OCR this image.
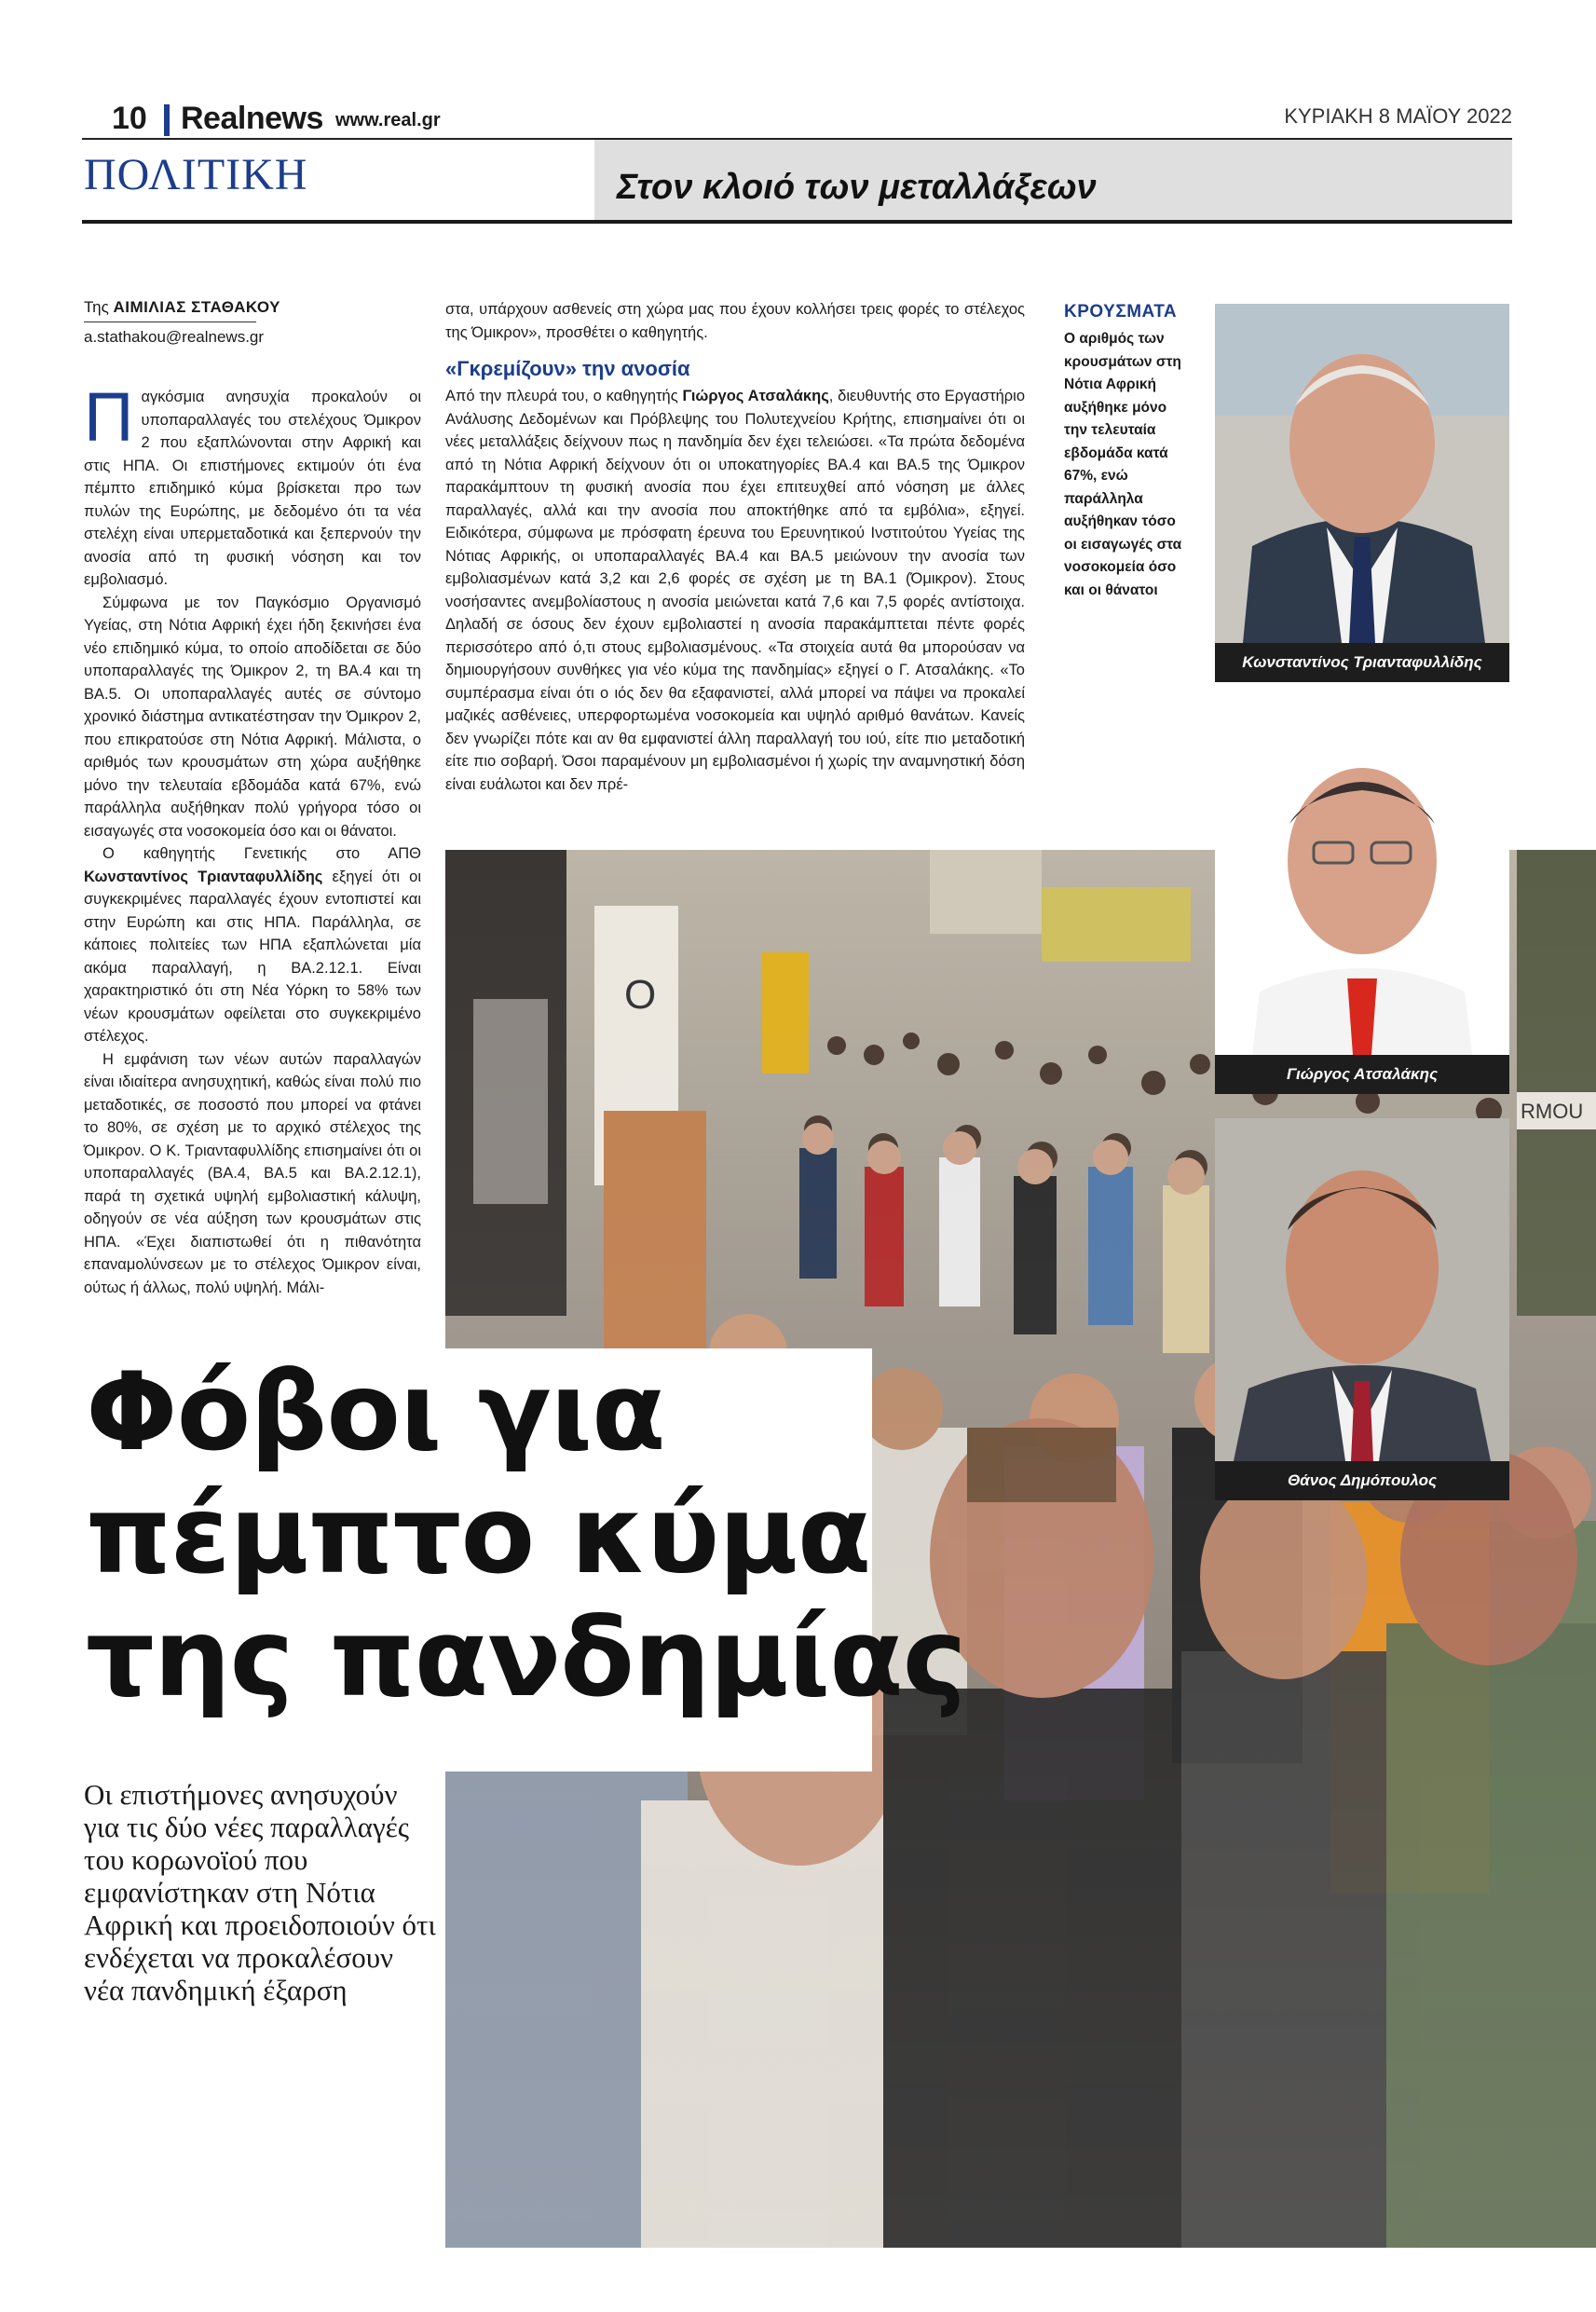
10 Realnews www.real.gr	ΚΥΡΙΑΚΗ 8 ΜΑΪΟΥ 2022
ΠΟΛΙΤΙΚΗ	Στον κλοιό των μεταλλάξεων
Της ΑΙΜΙΛΙΑΣ ΣΤΑΘΑΚΟΥ
a.stathakou@realnews.gr

Παγκόσμια ανησυχία προκαλούν οι υποπαραλλαγές του στελέχους Όμικρον 2 που εξαπλώνονται στην Αφρική και στις ΗΠΑ. Οι επιστήμονες εκτιμούν ότι ένα πέμπτο επιδημικό κύμα βρίσκεται προ των πυλών της Ευρώπης, με δεδομένο ότι τα νέα στελέχη είναι υπερμεταδοτικά και ξεπερνούν την ανοσία από τη φυσική νόσηση και τον εμβολιασμό.

Σύμφωνα με τον Παγκόσμιο Οργανισμό Υγείας, στη Νότια Αφρική έχει ήδη ξεκινήσει ένα νέο επιδημικό κύμα, το οποίο αποδίδεται σε δύο υποπαραλλαγές της Όμικρον 2, τη ΒΑ.4 και τη ΒΑ.5. Οι υποπαραλλαγές αυτές σε σύντομο χρονικό διάστημα αντικατέστησαν την Όμικρον 2, που επικρατούσε στη Νότια Αφρική. Μάλιστα, ο αριθμός των κρουσμάτων στη χώρα αυξήθηκε μόνο την τελευταία εβδομάδα κατά 67%, ενώ παράλληλα αυξήθηκαν πολύ γρήγορα τόσο οι εισαγωγές στα νοσοκομεία όσο και οι θάνατοι.

Ο καθηγητής Γενετικής στο ΑΠΘ Κωνσταντίνος Τριανταφυλλίδης εξηγεί ότι οι συγκεκριμένες παραλλαγές έχουν εντοπιστεί και στην Ευρώπη και στις ΗΠΑ. Παράλληλα, σε κάποιες πολιτείες των ΗΠΑ εξαπλώνεται μία ακόμα παραλλαγή, η ΒΑ.2.12.1. Είναι χαρακτηριστικό ότι στη Νέα Υόρκη το 58% των νέων κρουσμάτων οφείλεται στο συγκεκριμένο στέλεχος.

Η εμφάνιση των νέων αυτών παραλλαγών είναι ιδιαίτερα ανησυχητική, καθώς είναι πολύ πιο μεταδοτικές, σε ποσοστό που μπορεί να φτάνει το 80%, σε σχέση με το αρχικό στέλεχος της Όμικρον. Ο Κ. Τριανταφυλλίδης επισημαίνει ότι οι υποπαραλλαγές (ΒΑ.4, ΒΑ.5 και ΒΑ.2.12.1), παρά τη σχετικά υψηλή εμβολιαστική κάλυψη, οδηγούν σε νέα αύξηση των κρουσμάτων στις ΗΠΑ. «Έχει διαπιστωθεί ότι η πιθανότητα επαναμολύνσεων με το στέλεχος Όμικρον είναι, ούτως ή άλλως, πολύ υψηλή. Μάλι-

στα, υπάρχουν ασθενείς στη χώρα μας που έχουν κολλήσει τρεις φορές το στέλεχος της Όμικρον», προσθέτει ο καθηγητής.

«Γκρεμίζουν» την ανοσία

Από την πλευρά του, ο καθηγητής Γιώργος Ατσαλάκης, διευθυντής στο Εργαστήριο Ανάλυσης Δεδομένων και Πρόβλεψης του Πολυτεχνείου Κρήτης, επισημαίνει ότι οι νέες μεταλλάξεις δείχνουν πως η πανδημία δεν έχει τελειώσει. «Τα πρώτα δεδομένα από τη Νότια Αφρική δείχνουν ότι οι υποκατηγορίες ΒΑ.4 και ΒΑ.5 της Όμικρον παρακάμπτουν τη φυσική ανοσία που έχει επιτευχθεί από νόσηση με άλλες παραλλαγές, αλλά και την ανοσία που αποκτήθηκε από τα εμβόλια», εξηγεί. Ειδικότερα, σύμφωνα με πρόσφατη έρευνα του Ερευνητικού Ινστιτούτου Υγείας της Νότιας Αφρικής, οι υποπαραλλαγές ΒΑ.4 και ΒΑ.5 μειώνουν την ανοσία των εμβολιασμένων κατά 3,2 και 2,6 φορές σε σχέση με τη ΒΑ.1 (Όμικρον). Στους νοσήσαντες ανεμβολίαστους η ανοσία μειώνεται κατά 7,6 και 7,5 φορές αντίστοιχα. Δηλαδή σε όσους δεν έχουν εμβολιαστεί η ανοσία παρακάμπτεται πέντε φορές περισσότερο από ό,τι στους εμβολιασμένους. «Τα στοιχεία αυτά θα μπορούσαν να δημιουργήσουν συνθήκες για νέο κύμα της πανδημίας» εξηγεί ο Γ. Ατσαλάκης. «Το συμπέρασμα είναι ότι ο ιός δεν θα εξαφανιστεί, αλλά μπορεί να πάψει να προκαλεί μαζικές ασθένειες, υπερφορτωμένα νοσοκομεία και υψηλό αριθμό θανάτων. Κανείς δεν γνωρίζει πότε και αν θα εμφανιστεί άλλη παραλλαγή του ιού, είτε πιο μεταδοτική είτε πιο σοβαρή. Όσοι παραμένουν μη εμβολιασμένοι ή χωρίς την αναμνηστική δόση είναι ευάλωτοι και δεν πρέ-

ΚΡΟΥΣΜΑΤΑ
Ο αριθμός των κρουσμάτων στη Νότια Αφρική αυξήθηκε μόνο την τελευταία εβδομάδα κατά 67%, ενώ παράλληλα αυξήθηκαν τόσο οι εισαγωγές στα νοσοκομεία όσο και οι θάνατοι
Κωνσταντίνος Τριανταφυλλίδης
Γιώργος Ατσαλάκης
Θάνος Δημόπουλος
Φόβοι για
πέμπτο κύμα
της πανδημίας
Οι επιστήμονες ανησυχούν για τις δύο νέες παραλλαγές του κορωνοϊού που εμφανίστηκαν στη Νότια Αφρική και προειδοποιούν ότι ενδέχεται να προκαλέσουν νέα πανδημική έξαρση
